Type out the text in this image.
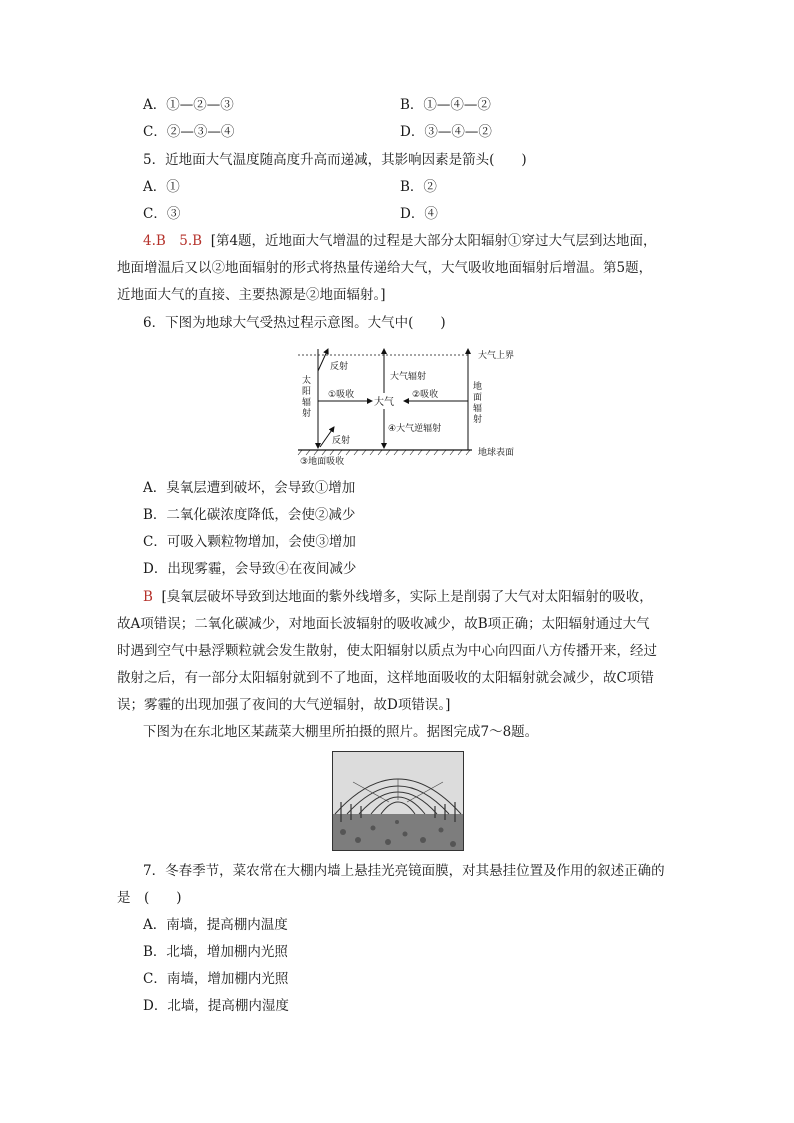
A．①—②—③	B．①—④—②
C．②—③—④	D．③—④—②
5．近地面大气温度随高度升高而递减，其影响因素是箭头(　　)
A．①	B．②
C．③	D．④
4.B　5.B [第4题，近地面大气增温的过程是大部分太阳辐射①穿过大气层到达地面，
地面增温后又以②地面辐射的形式将热量传递给大气，大气吸收地面辐射后增温。第5题，
近地面大气的直接、主要热源是②地面辐射。]
6．下图为地球大气受热过程示意图。大气中(　　)
大气上界
地球表面
反射
反射
大气辐射
①吸收	②吸收
大气
④大气逆辐射
③地面吸收
太阳辐射
地面辐射
A．臭氧层遭到破坏，会导致①增加
B．二氧化碳浓度降低，会使②减少
C．可吸入颗粒物增加，会使③增加
D．出现雾霾，会导致④在夜间减少
B [臭氧层破坏导致到达地面的紫外线增多，实际上是削弱了大气对太阳辐射的吸收，
故A项错误；二氧化碳减少，对地面长波辐射的吸收减少，故B项正确；太阳辐射通过大气
时遇到空气中悬浮颗粒就会发生散射，使太阳辐射以质点为中心向四面八方传播开来，经过
散射之后，有一部分太阳辐射就到不了地面，这样地面吸收的太阳辐射就会减少，故C项错
误；雾霾的出现加强了夜间的大气逆辐射，故D项错误。]
下图为在东北地区某蔬菜大棚里所拍摄的照片。据图完成7～8题。
7．冬春季节，菜农常在大棚内墙上悬挂光亮镜面膜，对其悬挂位置及作用的叙述正确的
是　(　　)
A．南墙，提高棚内温度
B．北墙，增加棚内光照
C．南墙，增加棚内光照
D．北墙，提高棚内湿度
